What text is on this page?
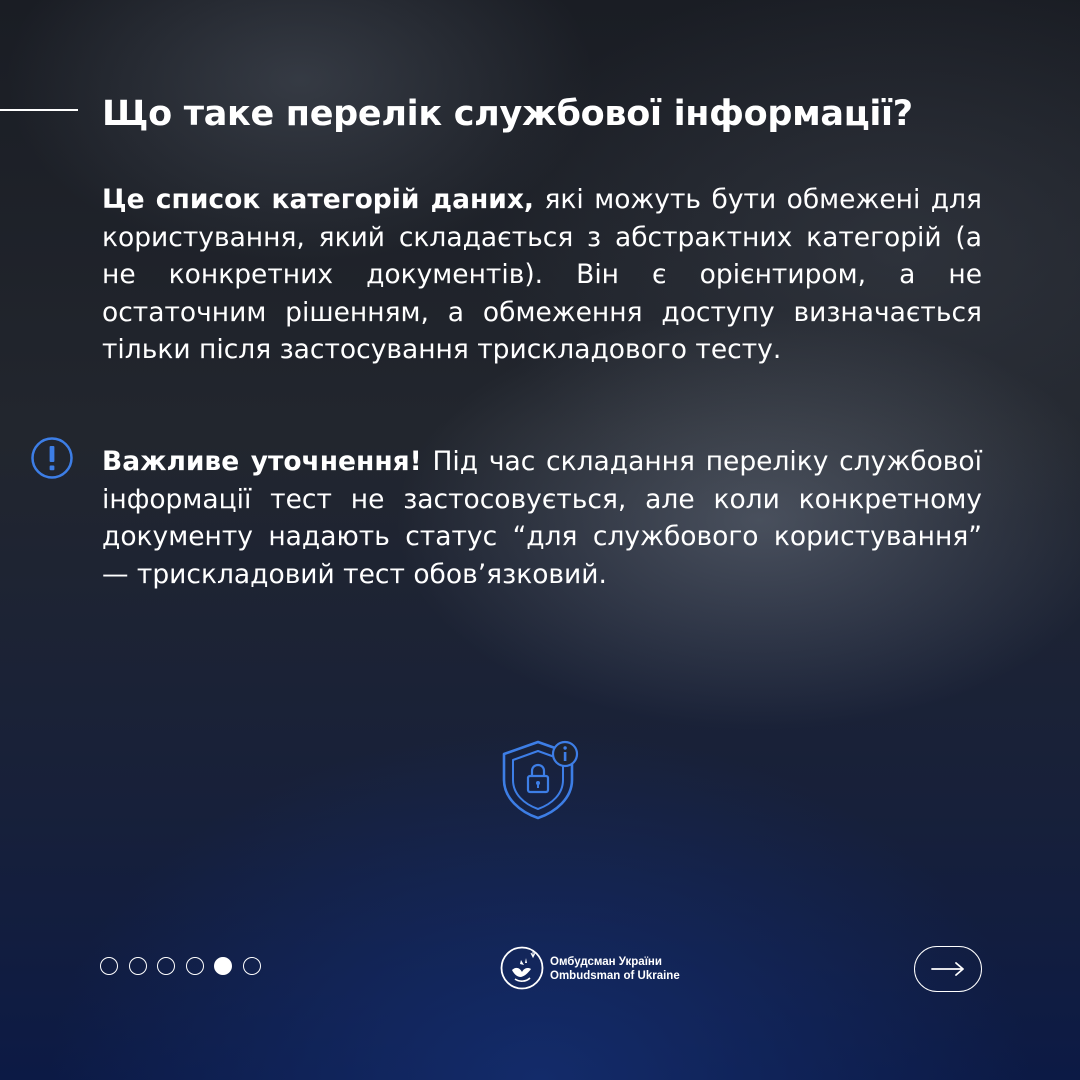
Що таке перелік службової інформації?
Це список категорій даних, які можуть бути обмежені для користування, який складається з абстрактних категорій (а не конкретних документів). Він є орієнтиром, а не остаточним рішенням, а обмеження доступу визначається тільки після застосування трискладового тесту.
Важливе уточнення! Під час складання переліку службової інформації тест не застосовується, але коли конкретному документу надають статус “для службового користування” — трискладовий тест обов’язковий.
Омбудсман України
Ombudsman of Ukraine
